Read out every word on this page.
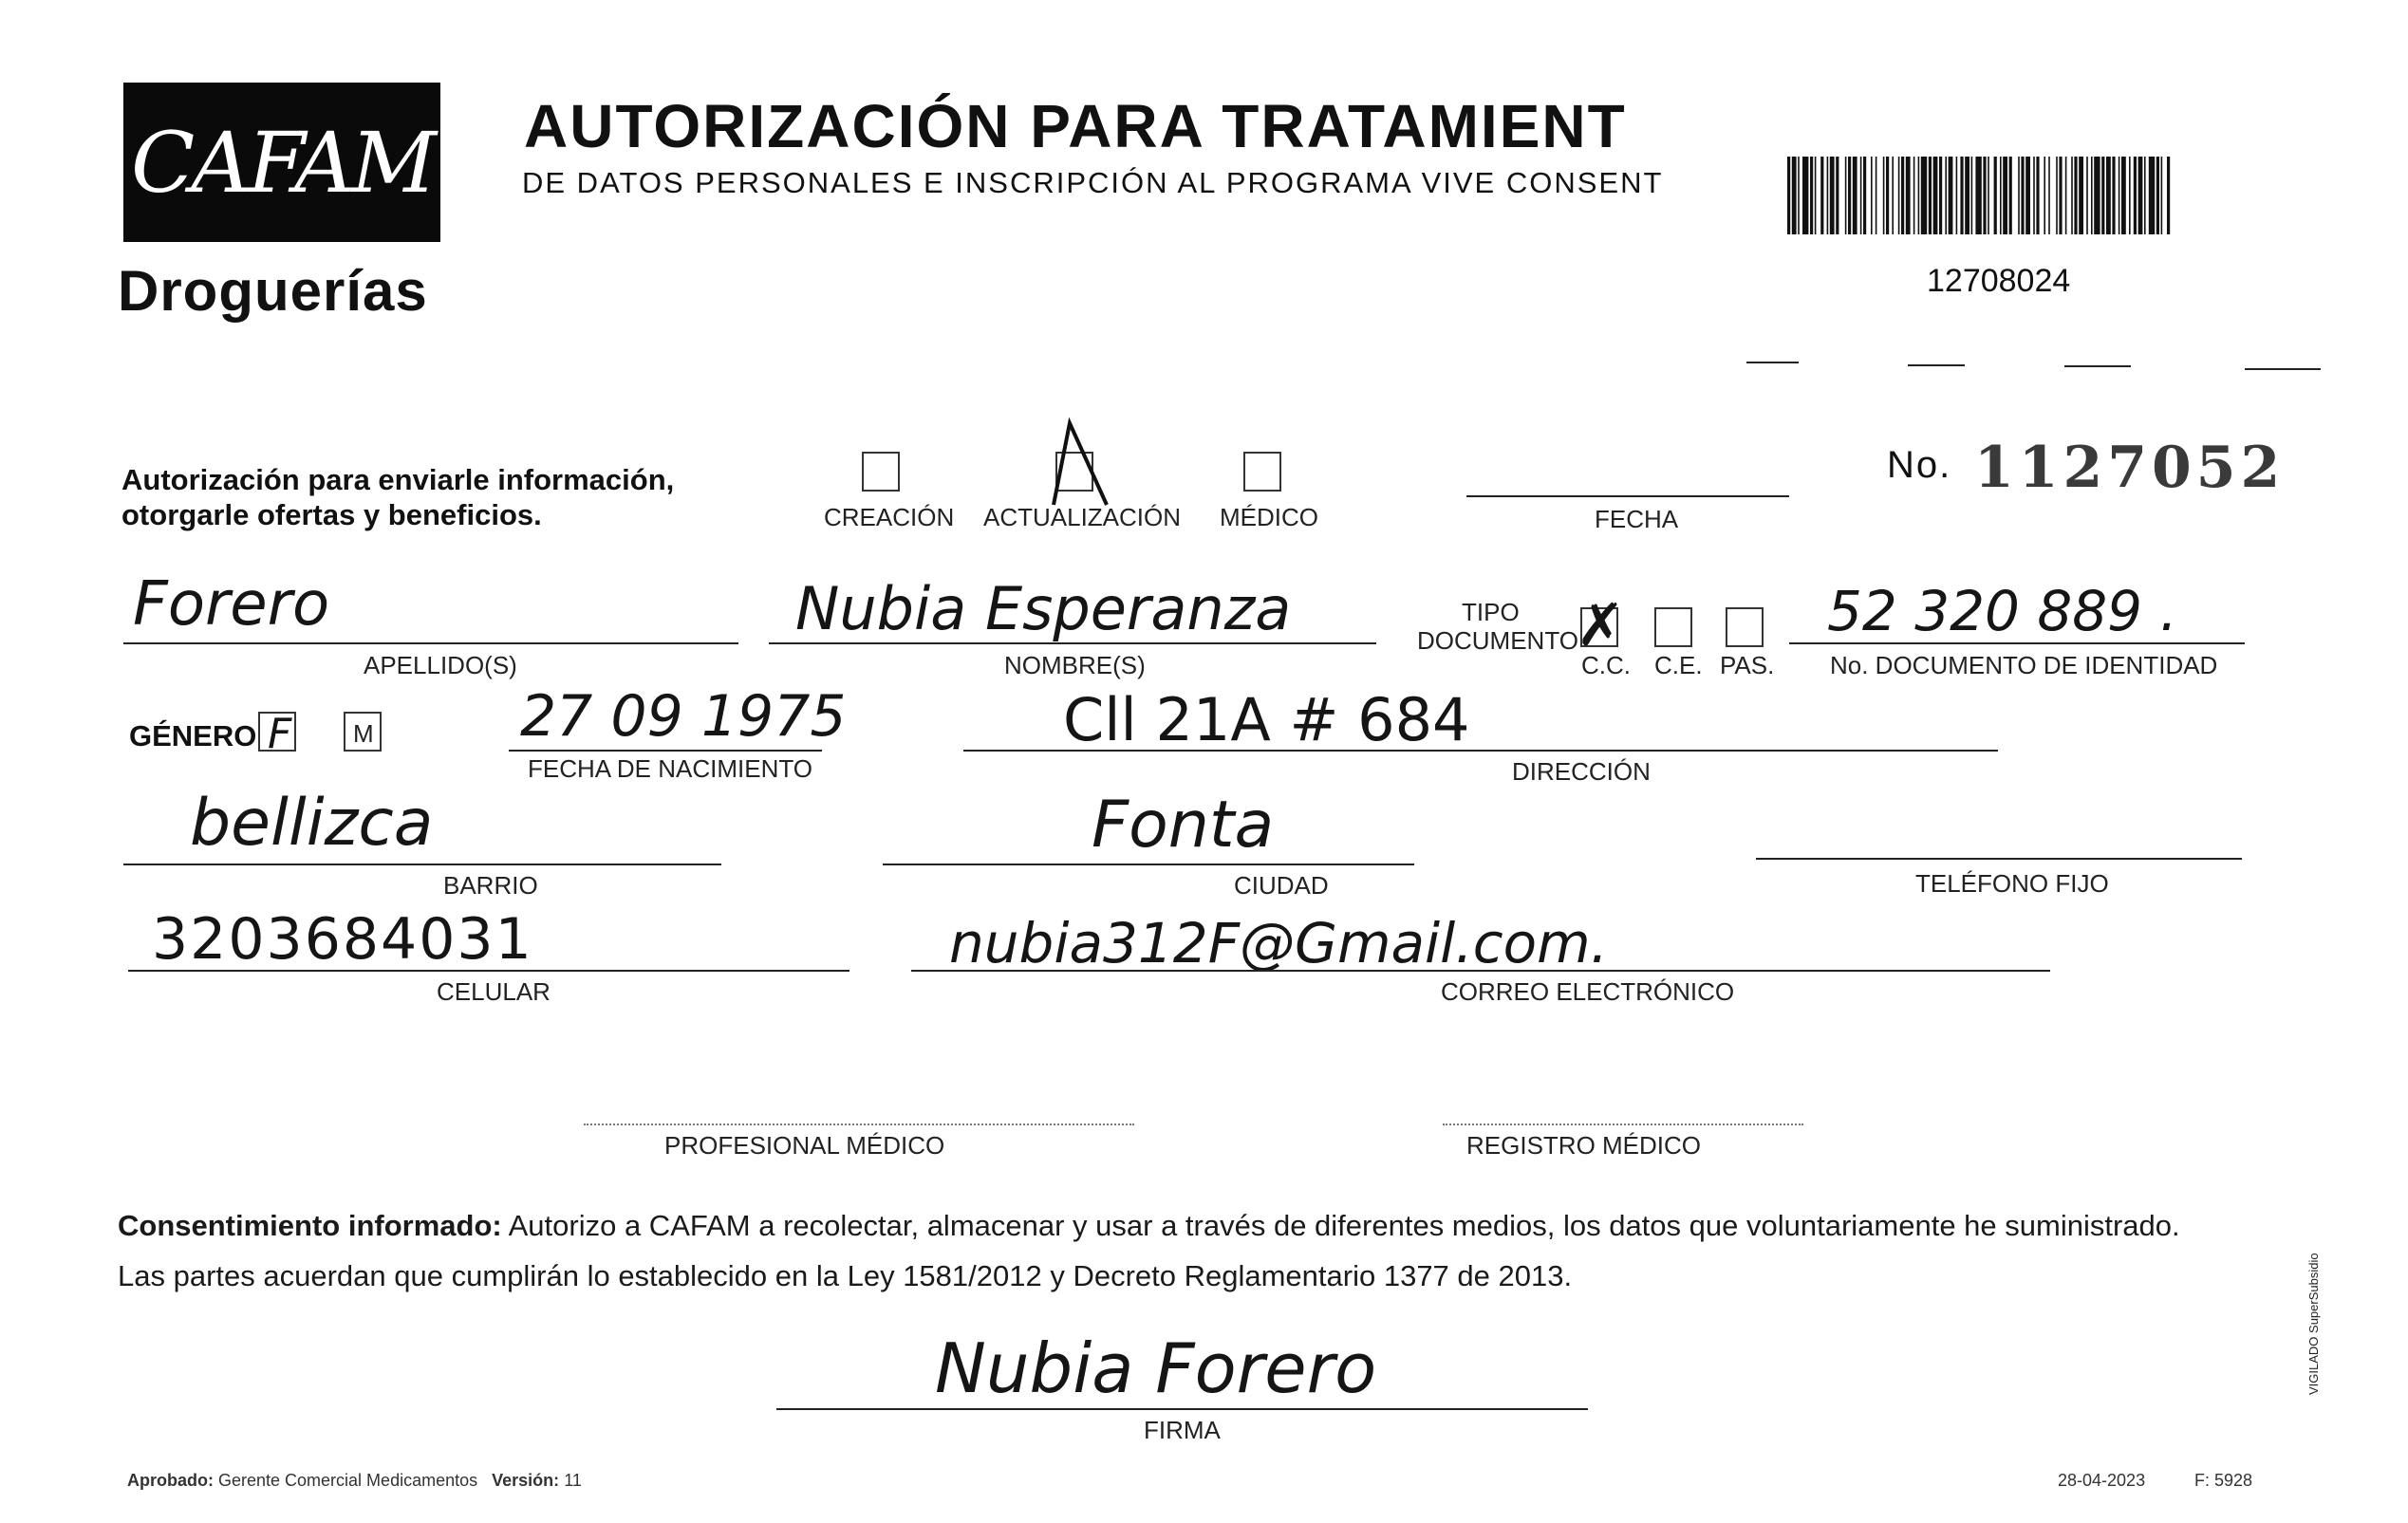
CAFAM
Droguerías
AUTORIZACIÓN PARA TRATAMIENT
DE DATOS PERSONALES E INSCRIPCIÓN AL PROGRAMA VIVE CONSENT
12708024
Autorización para enviarle información,
otorgarle ofertas y beneficios.	CREACIÓN ACTUALIZACIÓN MÉDICO	FECHA
No. 1127052
Forero
APELLIDO(S)
Nubia Esperanza
NOMBRE(S)
TIPO
DOCUMENTO
✗
C.C. C.E. PAS.
52 320 889 .
No. DOCUMENTO DE IDENTIDAD
GÉNERO F M	27 09 1975
FECHA DE NACIMIENTO
Cll 21A # 684
DIRECCIÓN
bellizca
BARRIO
Fonta
CIUDAD	TELÉFONO FIJO
3203684031
CELULAR
nubia312F@Gmail.com.
CORREO ELECTRÓNICO
PROFESIONAL MÉDICO	REGISTRO MÉDICO
Consentimiento informado: Autorizo a CAFAM a recolectar, almacenar y usar a través de diferentes medios, los datos que voluntariamente he suministrado.
Las partes acuerdan que cumplirán lo establecido en la Ley 1581/2012 y Decreto Reglamentario 1377 de 2013.
Nubia Forero
FIRMA
Aprobado: Gerente Comercial Medicamentos Versión: 11	28-04-2023	F: 5928
VIGILADO SuperSubsidio
